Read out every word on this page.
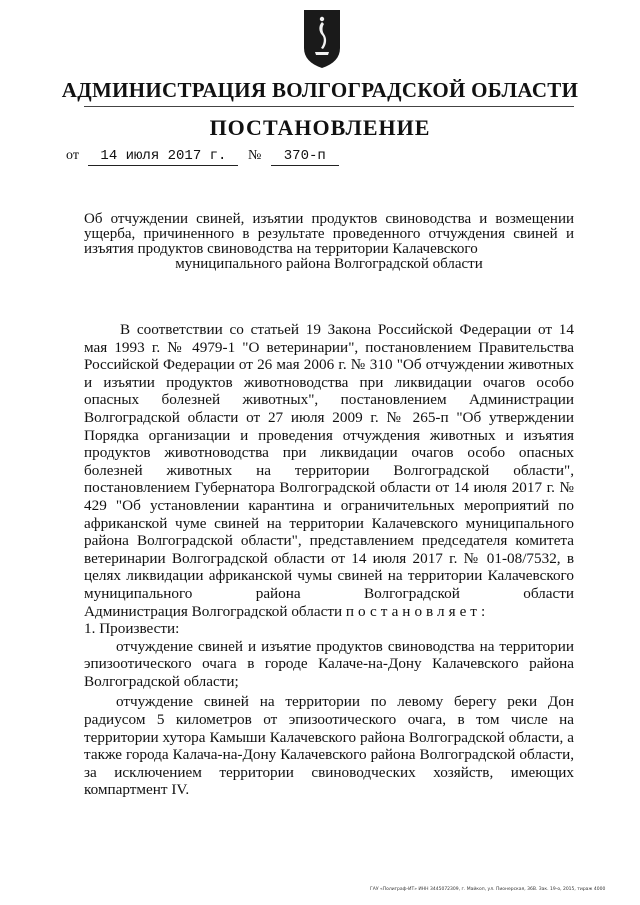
АДМИНИСТРАЦИЯ ВОЛГОГРАДСКОЙ ОБЛАСТИ
ПОСТАНОВЛЕНИЕ
от 14 июля 2017 г. № 370-п
Об отчуждении свиней, изъятии продуктов свиноводства и возмещении ущерба, причиненного в результате проведенного отчуждения свиней и изъятия продуктов свиноводства на территории Калачевского
муниципального района Волгоградской области

В соответствии со статьей 19 Закона Российской Федерации от 14 мая 1993 г. № 4979-1 "О ветеринарии", постановлением Правительства Российской Федерации от 26 мая 2006 г. № 310 "Об отчуждении животных и изъятии продуктов животноводства при ликвидации очагов особо опасных болезней животных", постановлением Администрации Волгоградской области от 27 июля 2009 г. № 265-п "Об утверждении Порядка организации и проведения отчуждения животных и изъятия продуктов животноводства при ликвидации очагов особо опасных болезней животных на территории Волгоградской области", постановлением Губернатора Волгоградской области от 14 июля 2017 г. № 429 "Об установлении карантина и ограничительных мероприятий по африканской чуме свиней на территории Калачевского муниципального района Волгоградской области", представлением председателя комитета ветеринарии Волгоградской области от 14 июля 2017 г. № 01-08/7532, в целях ликвидации африканской чумы свиней на территории Калачевского муниципального района Волгоградской области

Администрация Волгоградской области постановляет:

1. Произвести:

отчуждение свиней и изъятие продуктов свиноводства на территории эпизоотического очага в городе Калаче-на-Дону Калачевского района Волгоградской области;

отчуждение свиней на территории по левому берегу реки Дон радиусом 5 километров от эпизоотического очага, в том числе на территории хутора Камыши Калачевского района Волгоградской области, а также города Калача-на-Дону Калачевского района Волгоградской области, за исключением территории свиноводческих хозяйств, имеющих компартмент IV.

ГАУ «Полиграф-ИТ» ИНН 3445072309, г. Майкоп, ул. Пионерская, 36В. Зак. 19-о, 2015, тираж 4000
